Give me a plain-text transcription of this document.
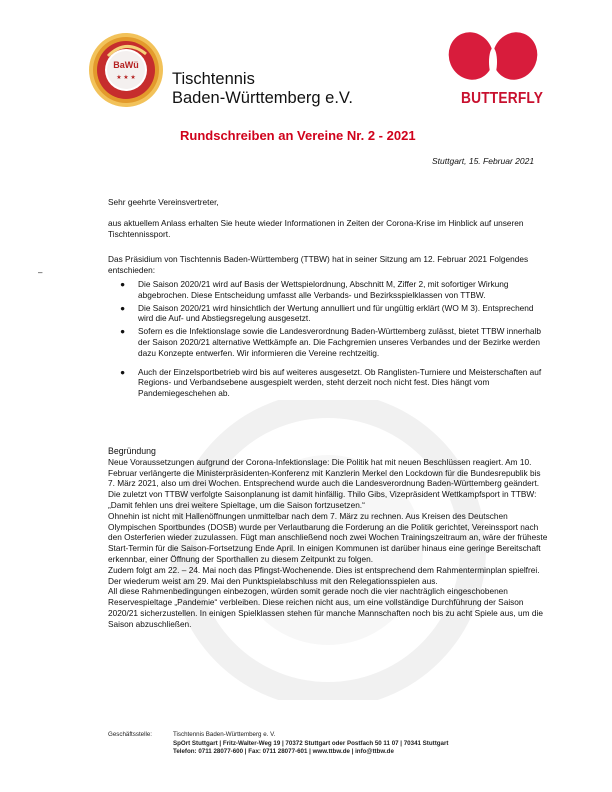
BaWü
★ ★ ★ Tischtennis
Baden-Württemberg e.V.	BUTTERFLY
Rundschreiben an Vereine Nr. 2 - 2021
Stuttgart, 15. Februar 2021
Sehr geehrte Vereinsvertreter,

aus aktuellem Anlass erhalten Sie heute wieder Informationen in Zeiten der Corona-Krise im Hinblick auf unseren Tischtennissport.

Das Präsidium von Tischtennis Baden-Württemberg (TTBW) hat in seiner Sitzung am 12. Februar 2021 Folgendes entschieden:

–
● Die Saison 2020/21 wird auf Basis der Wettspielordnung, Abschnitt M, Ziffer 2, mit sofortiger Wirkung abgebrochen. Diese Entscheidung umfasst alle Verbands- und Bezirksspielklassen von TTBW.
● Die Saison 2020/21 wird hinsichtlich der Wertung annulliert und für ungültig erklärt (WO M 3). Entsprechend wird die Auf- und Abstiegsregelung ausgesetzt.
● Sofern es die Infektionslage sowie die Landesverordnung Baden-Württemberg zulässt, bietet TTBW innerhalb der Saison 2020/21 alternative Wettkämpfe an. Die Fachgremien unseres Verbandes und der Bezirke werden dazu Konzepte entwerfen. Wir informieren die Vereine rechtzeitig.
● Auch der Einzelsportbetrieb wird bis auf weiteres ausgesetzt. Ob Ranglisten-Turniere und Meisterschaften auf Regions- und Verbandsebene ausgespielt werden, steht derzeit noch nicht fest. Dies hängt vom Pandemiegeschehen ab.
Begründung

Neue Voraussetzungen aufgrund der Corona-Infektionslage: Die Politik hat mit neuen Beschlüssen reagiert. Am 10. Februar verlängerte die Ministerpräsidenten-Konferenz mit Kanzlerin Merkel den Lockdown für die Bundesrepublik bis 7. März 2021, also um drei Wochen. Entsprechend wurde auch die Landesverordnung Baden-Württemberg geändert. Die zuletzt von TTBW verfolgte Saisonplanung ist damit hinfällig. Thilo Gibs, Vizepräsident Wettkampfsport in TTBW: „Damit fehlen uns drei weitere Spieltage, um die Saison fortzusetzen.“

Ohnehin ist nicht mit Hallenöffnungen unmittelbar nach dem 7. März zu rechnen. Aus Kreisen des Deutschen Olympischen Sportbundes (DOSB) wurde per Verlautbarung die Forderung an die Politik gerichtet, Vereinssport nach den Osterferien wieder zuzulassen. Fügt man anschließend noch zwei Wochen Trainingszeitraum an, wäre der früheste Start-Termin für die Saison-Fortsetzung Ende April. In einigen Kommunen ist darüber hinaus eine geringe Bereitschaft erkennbar, einer Öffnung der Sporthallen zu diesem Zeitpunkt zu folgen.

Zudem folgt am 22. – 24. Mai noch das Pfingst-Wochenende. Dies ist entsprechend dem Rahmenterminplan spielfrei. Der wiederum weist am 29. Mai den Punktspielabschluss mit den Relegationsspielen aus.

All diese Rahmenbedingungen einbezogen, würden somit gerade noch die vier nachträglich eingeschobenen Reservespieltage „Pandemie“ verbleiben. Diese reichen nicht aus, um eine vollständige Durchführung der Saison 2020/21 sicherzustellen. In einigen Spielklassen stehen für manche Mannschaften noch bis zu acht Spiele aus, um die Saison abzuschließen.

Geschäftsstelle:	Tischtennis Baden-Württemberg e. V.
SpOrt Stuttgart | Fritz-Walter-Weg 19 | 70372 Stuttgart oder Postfach 50 11 07 | 70341 Stuttgart
Telefon: 0711 28077-600 | Fax: 0711 28077-601 | www.ttbw.de | info@ttbw.de
